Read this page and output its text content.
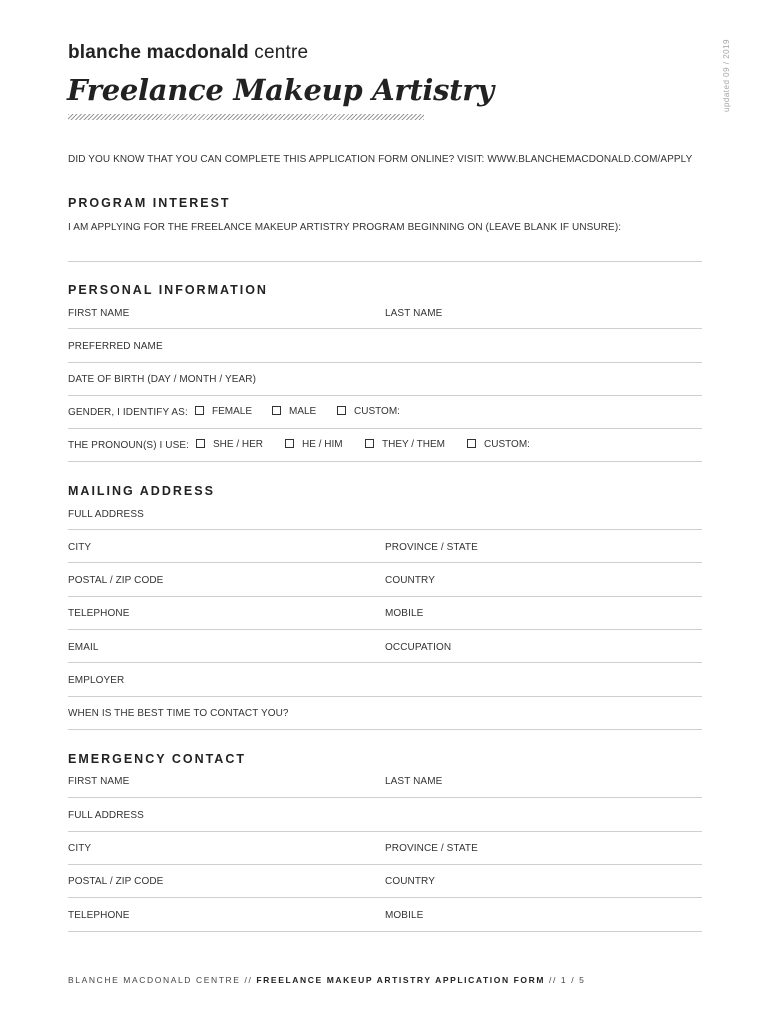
blanche macdonald centre
Freelance Makeup Artistry	updated 09 / 2019
DID YOU KNOW THAT YOU CAN COMPLETE THIS APPLICATION FORM ONLINE? VISIT: WWW.BLANCHEMACDONALD.COM/APPLY
PROGRAM INTEREST
I AM APPLYING FOR THE FREELANCE MAKEUP ARTISTRY PROGRAM BEGINNING ON (LEAVE BLANK IF UNSURE):
PERSONAL INFORMATION
FIRST NAME	LAST NAME
PREFERRED NAME
DATE OF BIRTH (DAY / MONTH / YEAR)
GENDER, I IDENTIFY AS:	FEMALE	MALE	CUSTOM:
THE PRONOUN(S) I USE:	SHE / HER	HE / HIM	THEY / THEM	CUSTOM:
MAILING ADDRESS
FULL ADDRESS
CITY	PROVINCE / STATE
POSTAL / ZIP CODE	COUNTRY
TELEPHONE	MOBILE
EMAIL	OCCUPATION
EMPLOYER
WHEN IS THE BEST TIME TO CONTACT YOU?
EMERGENCY CONTACT
FIRST NAME	LAST NAME
FULL ADDRESS
CITY	PROVINCE / STATE
POSTAL / ZIP CODE	COUNTRY
TELEPHONE	MOBILE
BLANCHE MACDONALD CENTRE // FREELANCE MAKEUP ARTISTRY APPLICATION FORM // 1 / 5
